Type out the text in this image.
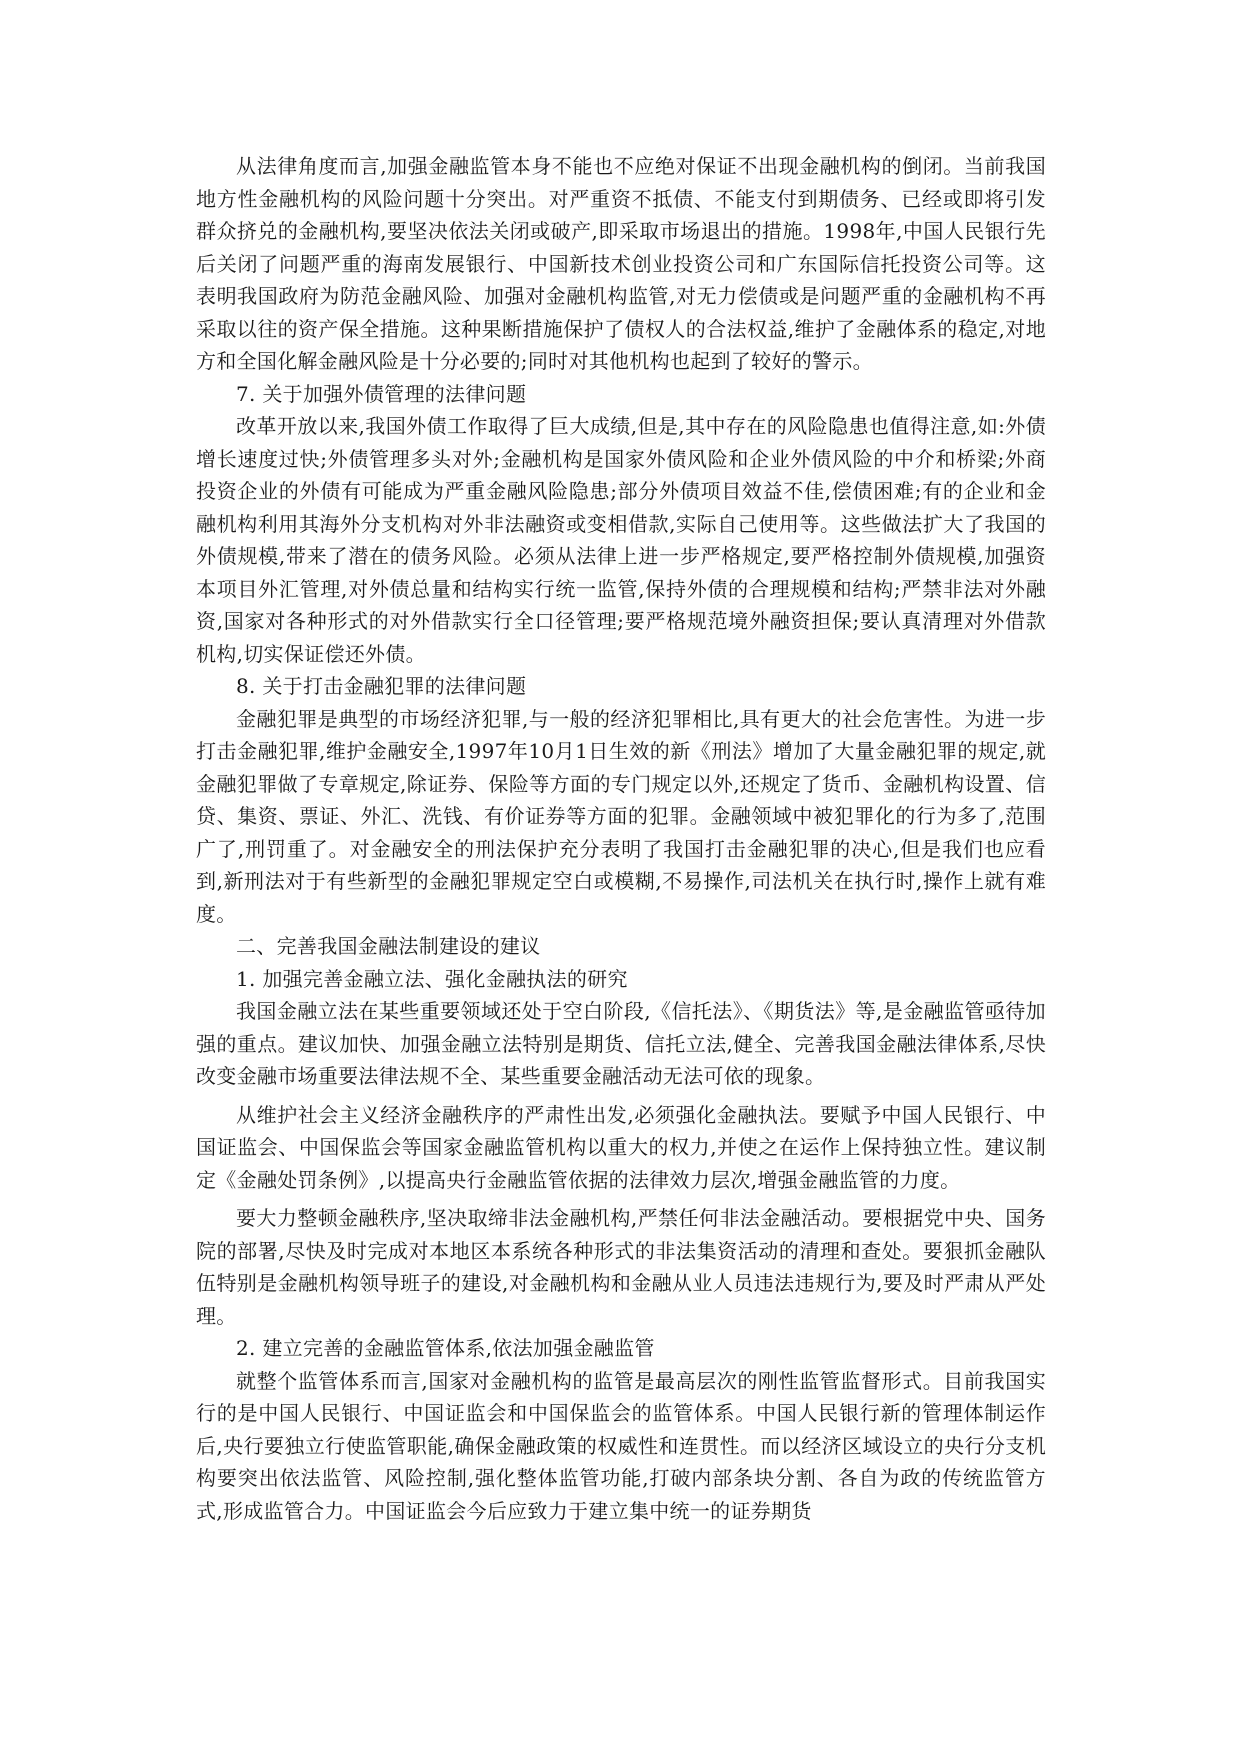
从法律角度而言,加强金融监管本身不能也不应绝对保证不出现金融机构的倒闭。当前我国地方性金融机构的风险问题十分突出。对严重资不抵债、不能支付到期债务、已经或即将引发群众挤兑的金融机构,要坚决依法关闭或破产,即采取市场退出的措施。1998年,中国人民银行先后关闭了问题严重的海南发展银行、中国新技术创业投资公司和广东国际信托投资公司等。这表明我国政府为防范金融风险、加强对金融机构监管,对无力偿债或是问题严重的金融机构不再采取以往的资产保全措施。这种果断措施保护了债权人的合法权益,维护了金融体系的稳定,对地方和全国化解金融风险是十分必要的;同时对其他机构也起到了较好的警示。

7. 关于加强外债管理的法律问题

改革开放以来,我国外债工作取得了巨大成绩,但是,其中存在的风险隐患也值得注意,如:外债增长速度过快;外债管理多头对外;金融机构是国家外债风险和企业外债风险的中介和桥梁;外商投资企业的外债有可能成为严重金融风险隐患;部分外债项目效益不佳,偿债困难;有的企业和金融机构利用其海外分支机构对外非法融资或变相借款,实际自己使用等。这些做法扩大了我国的外债规模,带来了潜在的债务风险。必须从法律上进一步严格规定,要严格控制外债规模,加强资本项目外汇管理,对外债总量和结构实行统一监管,保持外债的合理规模和结构;严禁非法对外融资,国家对各种形式的对外借款实行全口径管理;要严格规范境外融资担保;要认真清理对外借款机构,切实保证偿还外债。

8. 关于打击金融犯罪的法律问题

金融犯罪是典型的市场经济犯罪,与一般的经济犯罪相比,具有更大的社会危害性。为进一步打击金融犯罪,维护金融安全,1997年10月1日生效的新《刑法》增加了大量金融犯罪的规定,就金融犯罪做了专章规定,除证券、保险等方面的专门规定以外,还规定了货币、金融机构设置、信贷、集资、票证、外汇、洗钱、有价证券等方面的犯罪。金融领域中被犯罪化的行为多了,范围广了,刑罚重了。对金融安全的刑法保护充分表明了我国打击金融犯罪的决心,但是我们也应看到,新刑法对于有些新型的金融犯罪规定空白或模糊,不易操作,司法机关在执行时,操作上就有难度。

二、完善我国金融法制建设的建议

1. 加强完善金融立法、强化金融执法的研究

我国金融立法在某些重要领域还处于空白阶段,《信托法》、《期货法》等,是金融监管亟待加强的重点。建议加快、加强金融立法特别是期货、信托立法,健全、完善我国金融法律体系,尽快改变金融市场重要法律法规不全、某些重要金融活动无法可依的现象。

从维护社会主义经济金融秩序的严肃性出发,必须强化金融执法。要赋予中国人民银行、中国证监会、中国保监会等国家金融监管机构以重大的权力,并使之在运作上保持独立性。建议制定《金融处罚条例》,以提高央行金融监管依据的法律效力层次,增强金融监管的力度。

要大力整顿金融秩序,坚决取缔非法金融机构,严禁任何非法金融活动。要根据党中央、国务院的部署,尽快及时完成对本地区本系统各种形式的非法集资活动的清理和查处。要狠抓金融队伍特别是金融机构领导班子的建设,对金融机构和金融从业人员违法违规行为,要及时严肃从严处理。

2. 建立完善的金融监管体系,依法加强金融监管

就整个监管体系而言,国家对金融机构的监管是最高层次的刚性监管监督形式。目前我国实行的是中国人民银行、中国证监会和中国保监会的监管体系。中国人民银行新的管理体制运作后,央行要独立行使监管职能,确保金融政策的权威性和连贯性。而以经济区域设立的央行分支机构要突出依法监管、风险控制,强化整体监管功能,打破内部条块分割、各自为政的传统监管方式,形成监管合力。中国证监会今后应致力于建立集中统一的证券期货
